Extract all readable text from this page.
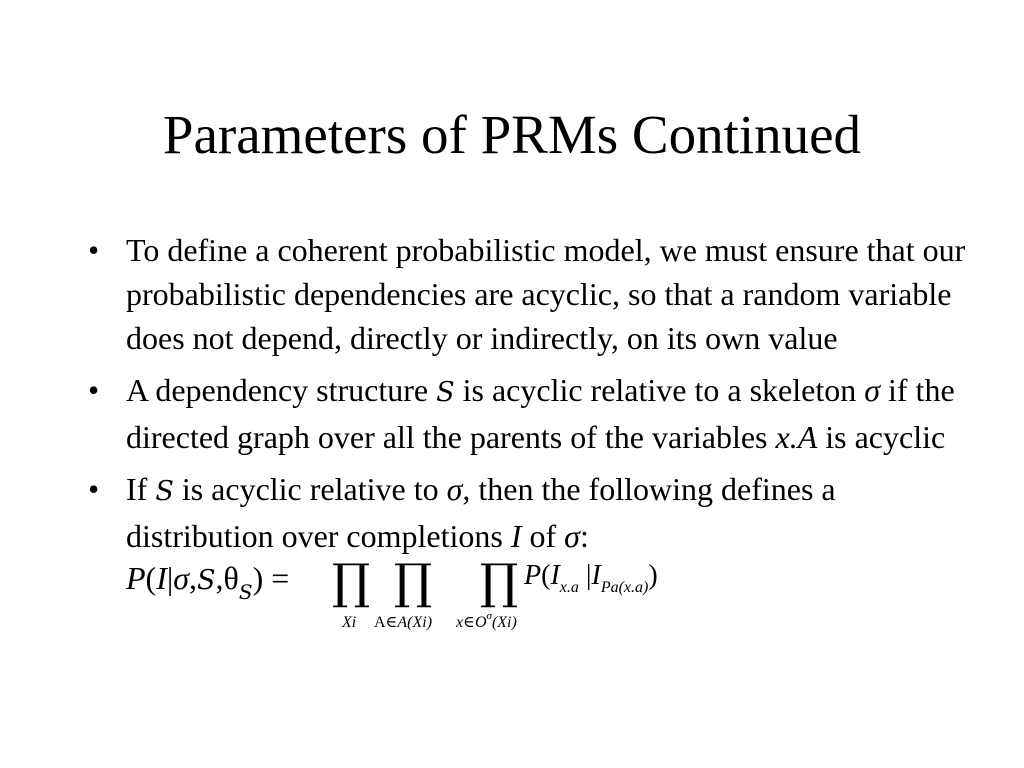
Parameters of PRMs Continued
• To define a coherent probabilistic model, we must ensure that our probabilistic dependencies are acyclic, so that a random variable does not depend, directly or indirectly, on its own value
• A dependency structure S is acyclic relative to a skeleton σ if the directed graph over all the parents of the variables x.A is acyclic
• If S is acyclic relative to σ, then the following defines a distribution over completions I of σ:
$P(I|\sigma,S,\theta_S)$ = ∏
Xi
∏
A∈A(Xi)
∏
$x\in O^\sigma(Xi)$
$P(I_{x.a}$ $|I_{Pa(x.a)}$)
